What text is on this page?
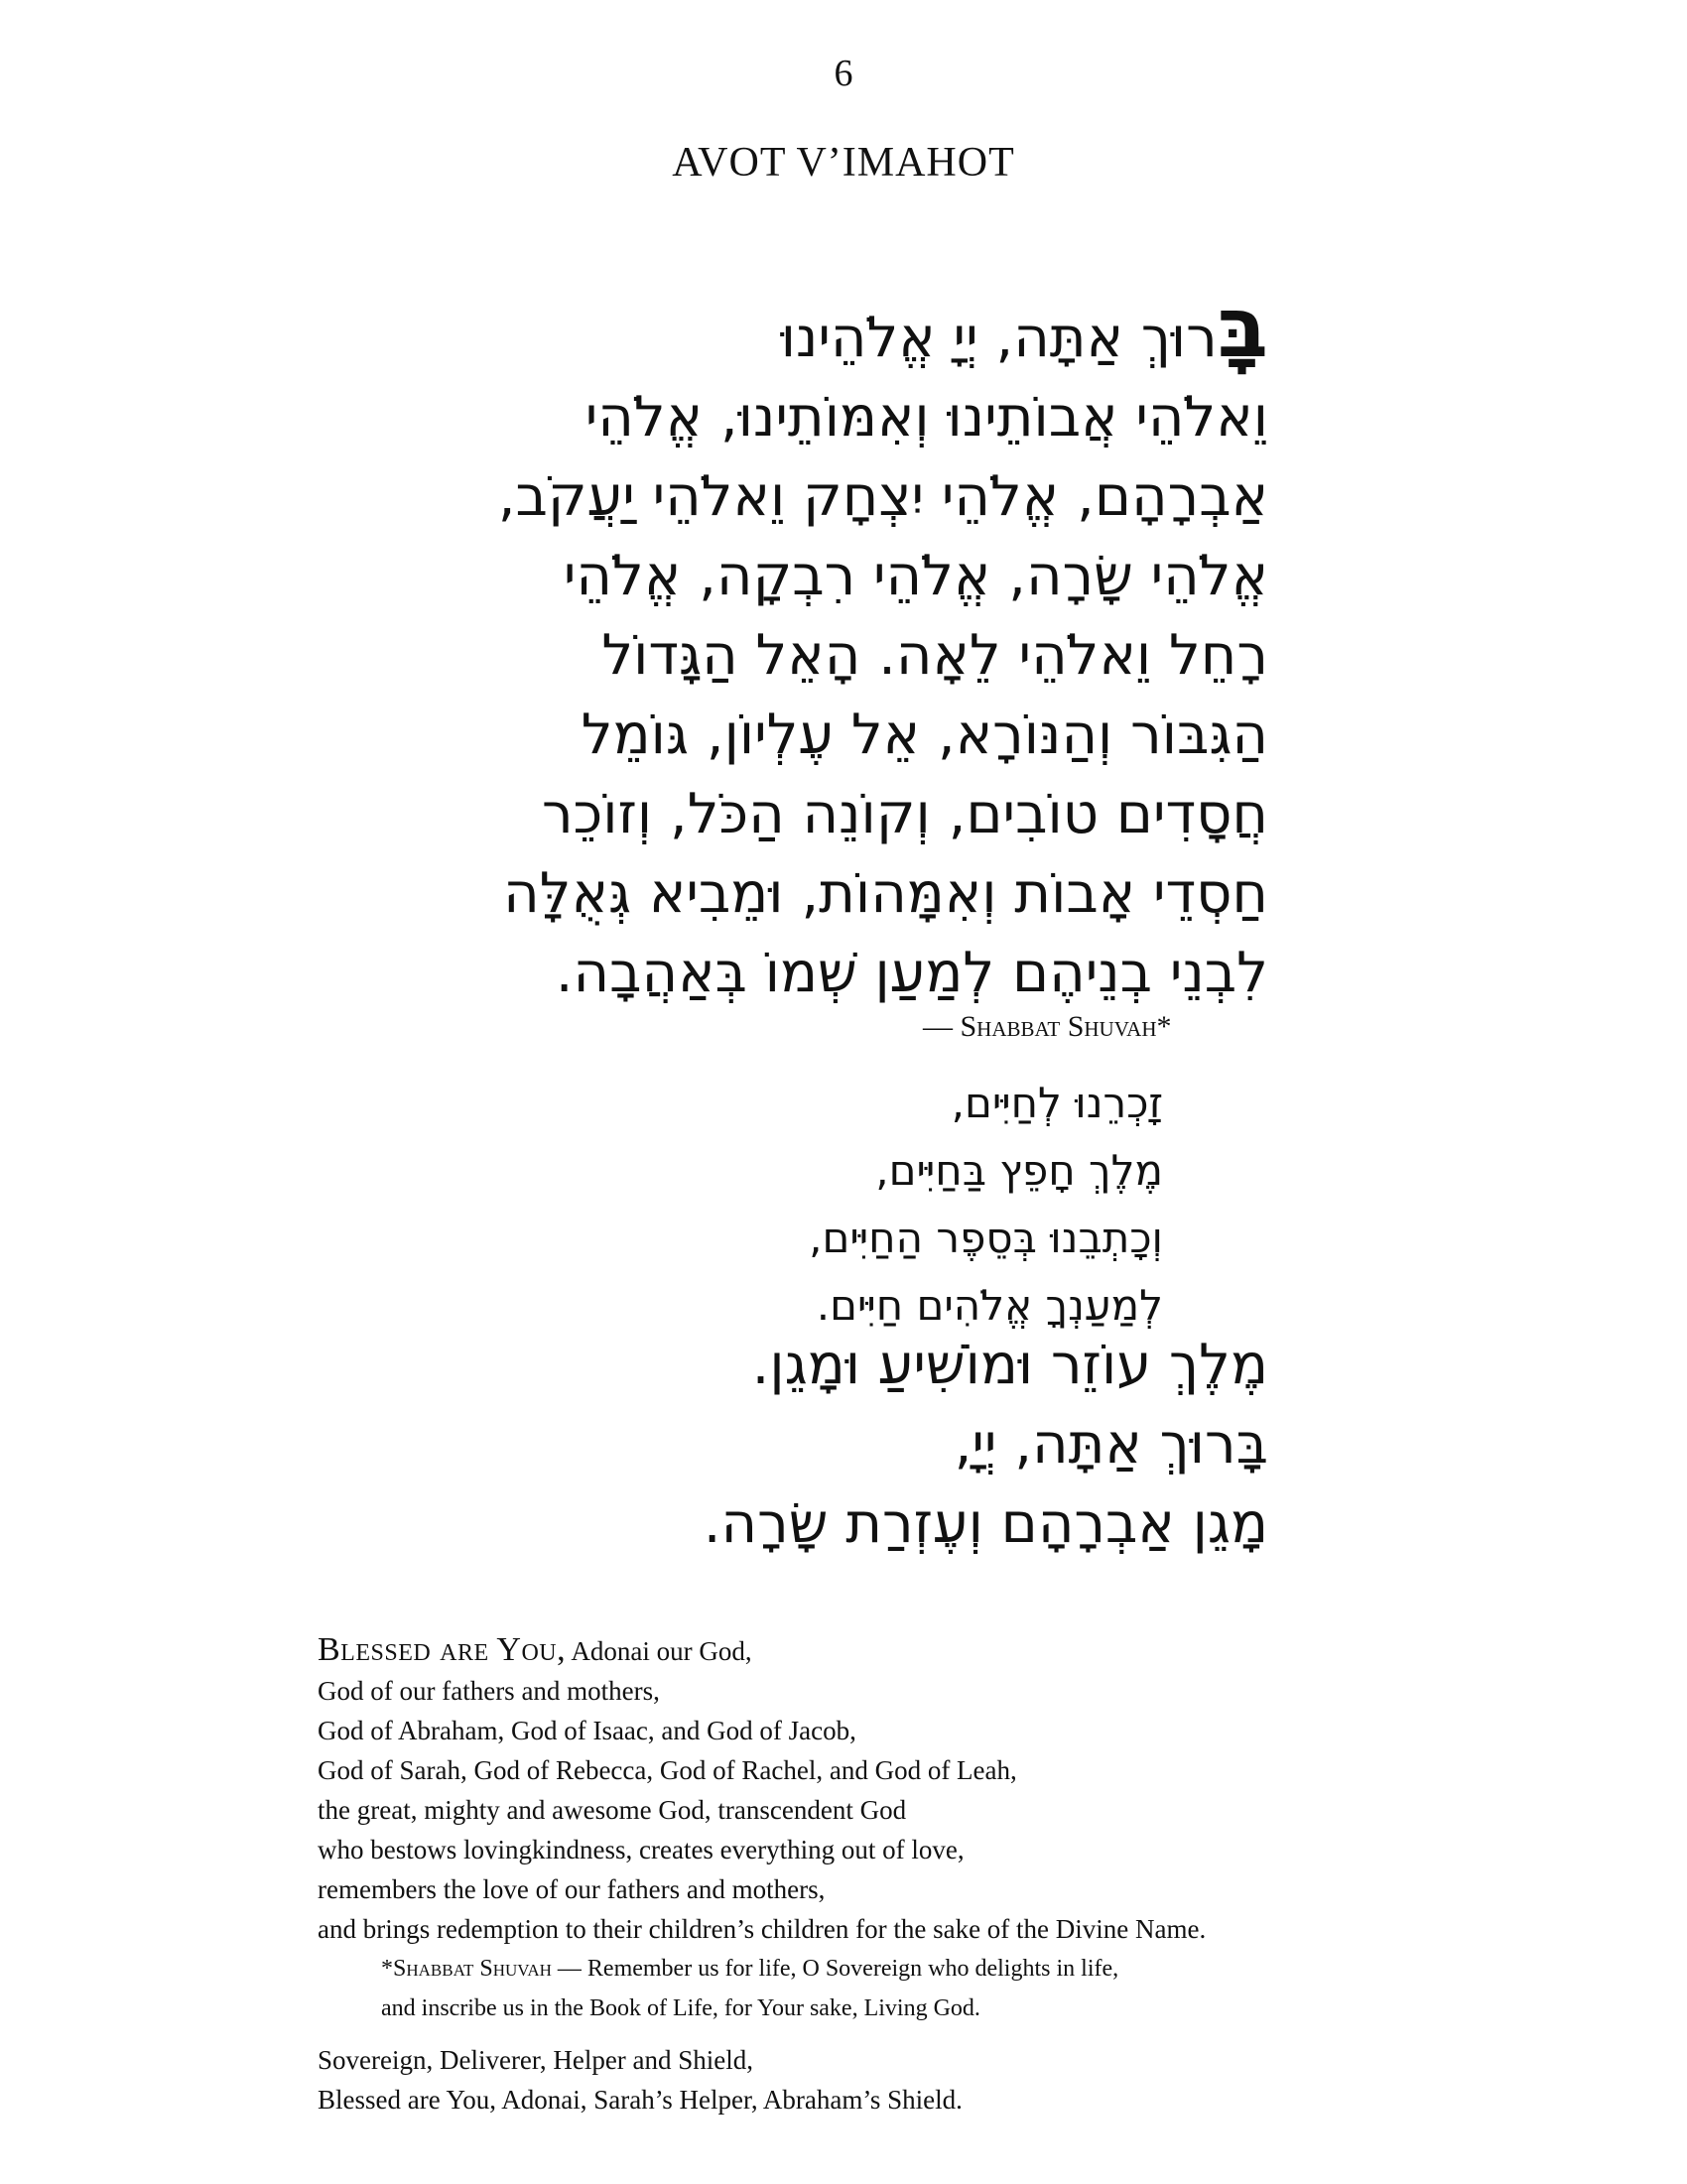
6
AVOT V’IMAHOT
בָּרוּךְ אַתָּה, יְיָ אֱלֹהֵינוּ
וֵאלֹהֵי אֲבוֹתֵינוּ וְאִמּוֹתֵינוּ, אֱלֹהֵי
אַבְרָהָם, אֱלֹהֵי יִצְחָק וֵאלֹהֵי יַעֲקֹב,
אֱלֹהֵי שָׂרָה, אֱלֹהֵי רִבְקָה, אֱלֹהֵי
רָחֵל וֵאלֹהֵי לֵאָה. הָאֵל הַגָּדוֹל
הַגִּבּוֹר וְהַנּוֹרָא, אֵל עֶלְיוֹן, גּוֹמֵל
חֲסָדִים טוֹבִים, וְקוֹנֵה הַכֹּל, וְזוֹכֵר
חַסְדֵי אָבוֹת וְאִמָּהוֹת, וּמֵבִיא גְּאֻלָּה
לִבְנֵי בְנֵיהֶם לְמַעַן שְׁמוֹ בְּאַהֲבָה.
— Shabbat Shuvah*
זָכְרֵנוּ לְחַיִּים,
מֶלֶךְ חָפֵץ בַּחַיִּים,
וְכָתְבֵנוּ בְּסֵפֶר הַחַיִּים,
לְמַעַנְךָ אֱלֹהִים חַיִּים.
מֶלֶךְ עוֹזֵר וּמוֹשִׁיעַ וּמָגֵן.
בָּרוּךְ אַתָּה, יְיָ,
מָגֵן אַבְרָהָם וְעֶזְרַת שָׂרָה.
Blessed are You, Adonai our God,
God of our fathers and mothers,
God of Abraham, God of Isaac, and God of Jacob,
God of Sarah, God of Rebecca, God of Rachel, and God of Leah,
the great, mighty and awesome God, transcendent God
who bestows lovingkindness, creates everything out of love,
remembers the love of our fathers and mothers,
and brings redemption to their children’s children for the sake of the Divine Name.
*Shabbat Shuvah — Remember us for life, O Sovereign who delights in life,
and inscribe us in the Book of Life, for Your sake, Living God.
Sovereign, Deliverer, Helper and Shield,
Blessed are You, Adonai, Sarah’s Helper, Abraham’s Shield.
